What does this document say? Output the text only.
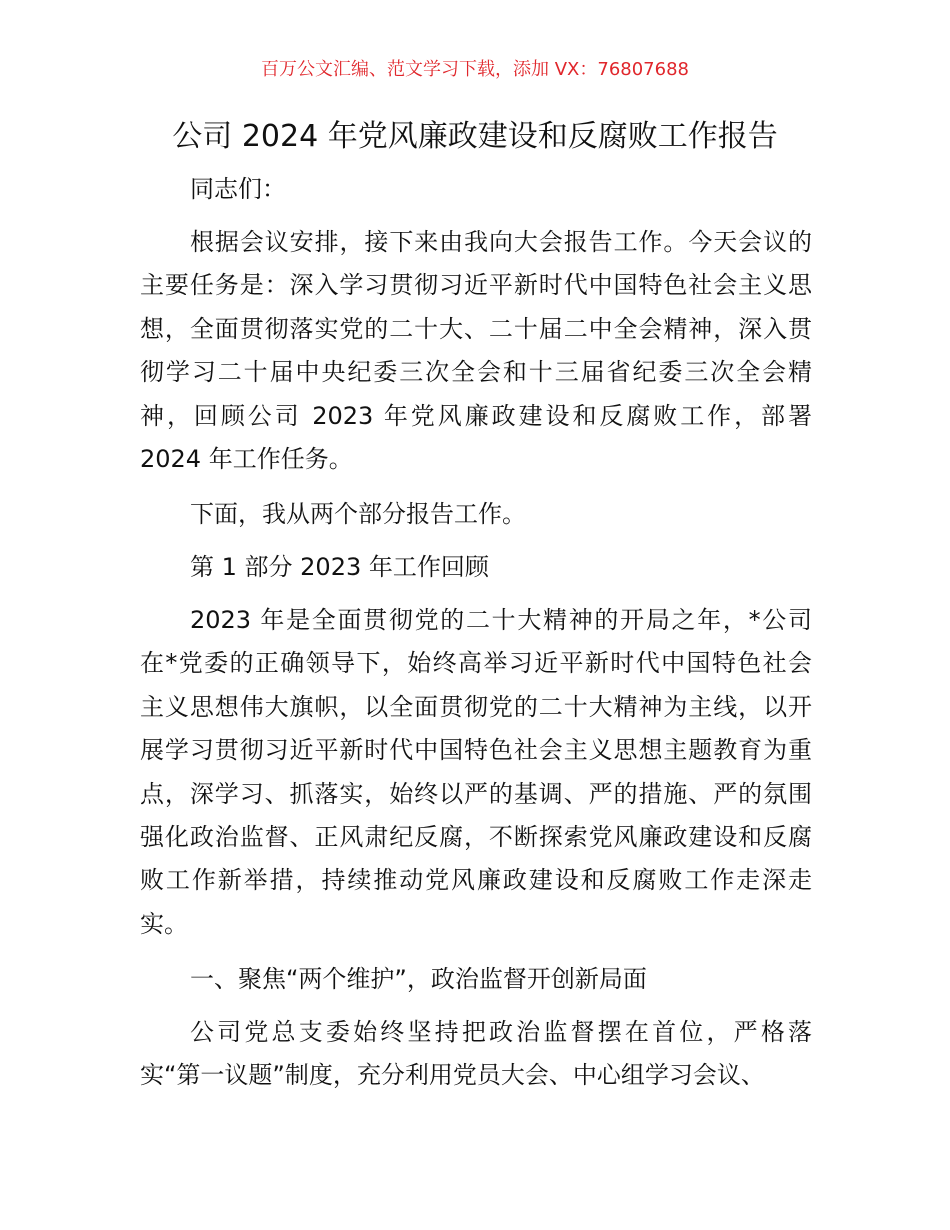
百万公文汇编、范文学习下载，添加 VX：76807688
公司 2024 年党风廉政建设和反腐败工作报告
同志们：
根据会议安排，接下来由我向大会报告工作。今天会议的
主要任务是：深入学习贯彻习近平新时代中国特色社会主义思
想，全面贯彻落实党的二十大、二十届二中全会精神，深入贯
彻学习二十届中央纪委三次全会和十三届省纪委三次全会精
神，回顾公司 2023 年党风廉政建设和反腐败工作，部署
2024 年工作任务。
下面，我从两个部分报告工作。
第 1 部分 2023 年工作回顾
2023 年是全面贯彻党的二十大精神的开局之年，*公司
在*党委的正确领导下，始终高举习近平新时代中国特色社会
主义思想伟大旗帜，以全面贯彻党的二十大精神为主线，以开
展学习贯彻习近平新时代中国特色社会主义思想主题教育为重
点，深学习、抓落实，始终以严的基调、严的措施、严的氛围
强化政治监督、正风肃纪反腐，不断探索党风廉政建设和反腐
败工作新举措，持续推动党风廉政建设和反腐败工作走深走
实。
一、聚焦“两个维护”，政治监督开创新局面
公司党总支委始终坚持把政治监督摆在首位，严格落
实“第一议题”制度，充分利用党员大会、中心组学习会议、
